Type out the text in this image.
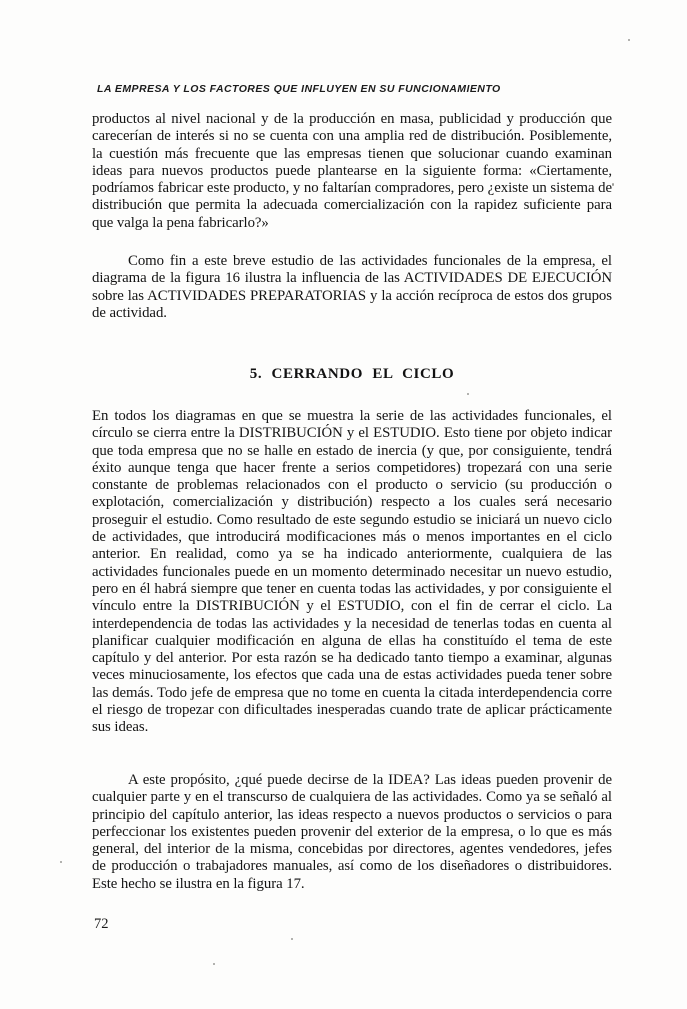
LA EMPRESA Y LOS FACTORES QUE INFLUYEN EN SU FUNCIONAMIENTO

productos al nivel nacional y de la producción en masa, publicidad y producción que carecerían de interés si no se cuenta con una amplia red de distribución. Posiblemente, la cuestión más frecuente que las empresas tienen que solucionar cuando examinan ideas para nuevos productos puede plantearse en la siguiente forma: «Ciertamente, podríamos fabricar este producto, y no faltarían compradores, pero ¿existe un sistema de distribución que permita la adecuada comercialización con la rapidez suficiente para que valga la pena fabricarlo?»

Como fin a este breve estudio de las actividades funcionales de la empresa, el diagrama de la figura 16 ilustra la influencia de las ACTIVIDADES DE EJECUCIÓN sobre las ACTIVIDADES PREPARATORIAS y la acción recíproca de estos dos grupos de actividad.

5. CERRANDO EL CICLO

En todos los diagramas en que se muestra la serie de las actividades funcionales, el círculo se cierra entre la DISTRIBUCIÓN y el ESTUDIO. Esto tiene por objeto indicar que toda empresa que no se halle en estado de inercia (y que, por consiguiente, tendrá éxito aunque tenga que hacer frente a serios competidores) tropezará con una serie constante de problemas relacionados con el producto o servicio (su producción o explotación, comercialización y distribución) respecto a los cuales será necesario proseguir el estudio. Como resultado de este segundo estudio se iniciará un nuevo ciclo de actividades, que introducirá modificaciones más o menos importantes en el ciclo anterior. En realidad, como ya se ha indicado anteriormente, cualquiera de las actividades funcionales puede en un momento determinado necesitar un nuevo estudio, pero en él habrá siempre que tener en cuenta todas las actividades, y por consiguiente el vínculo entre la DISTRIBUCIÓN y el ESTUDIO, con el fin de cerrar el ciclo. La interdependencia de todas las actividades y la necesidad de tenerlas todas en cuenta al planificar cualquier modificación en alguna de ellas ha constituído el tema de este capítulo y del anterior. Por esta razón se ha dedicado tanto tiempo a examinar, algunas veces minuciosamente, los efectos que cada una de estas actividades pueda tener sobre las demás. Todo jefe de empresa que no tome en cuenta la citada interdependencia corre el riesgo de tropezar con dificultades inesperadas cuando trate de aplicar prácticamente sus ideas.

A este propósito, ¿qué puede decirse de la IDEA? Las ideas pueden provenir de cualquier parte y en el transcurso de cualquiera de las actividades. Como ya se señaló al principio del capítulo anterior, las ideas respecto a nuevos productos o servicios o para perfeccionar los existentes pueden provenir del exterior de la empresa, o lo que es más general, del interior de la misma, concebidas por directores, agentes vendedores, jefes de producción o trabajadores manuales, así como de los diseñadores o distribuidores. Este hecho se ilustra en la figura 17.

72
